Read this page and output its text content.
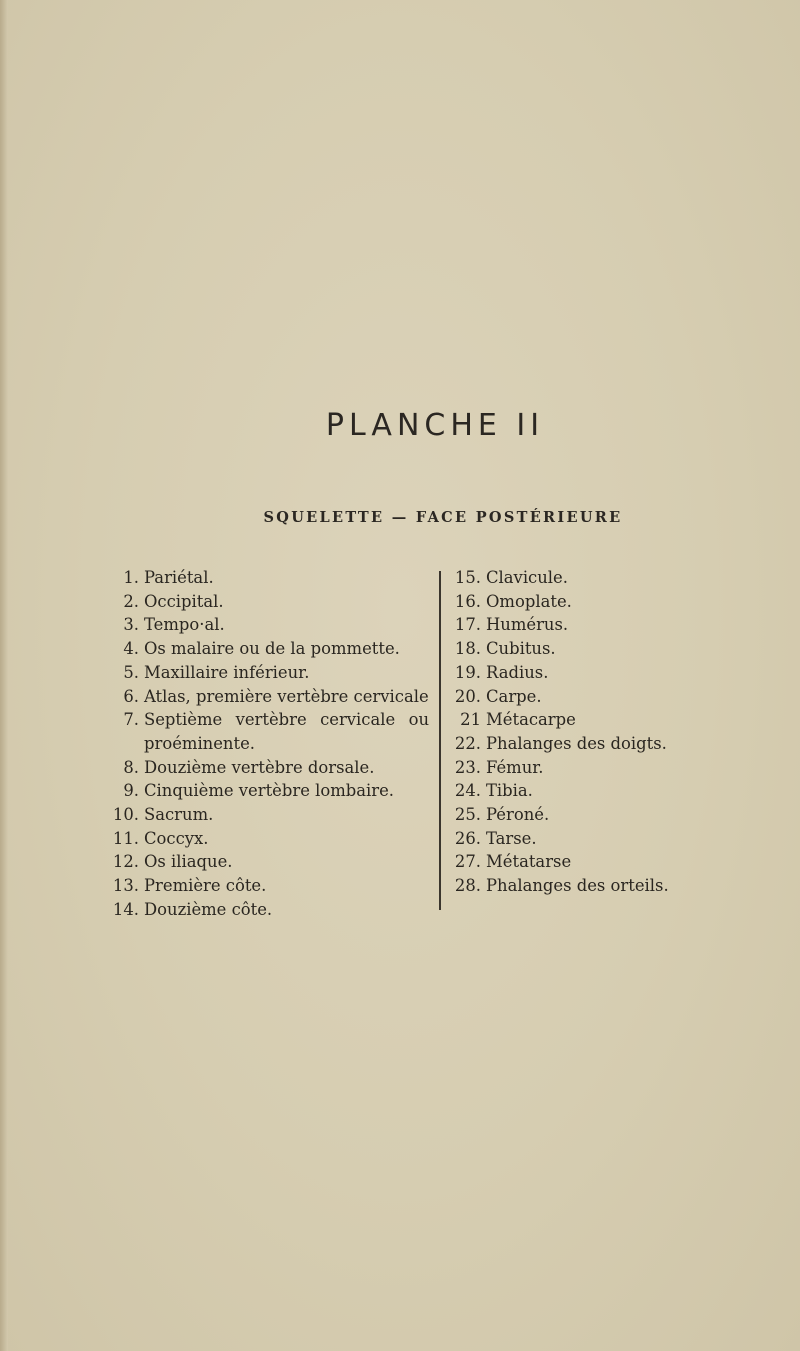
PLANCHE II
SQUELETTE — FACE POSTÉRIEURE
1. Pariétal.
2. Occipital.
3. Tempo·al.
4. Os malaire ou de la pommette.
5. Maxillaire inférieur.
6. Atlas, première vertèbre cervicale
7. Septième vertèbre cervicale ou proéminente.
8. Douzième vertèbre dorsale.
9. Cinquième vertèbre lombaire.
10. Sacrum.
11. Coccyx.
12. Os iliaque.
13. Première côte.
14. Douzième côte.
15. Clavicule.
16. Omoplate.
17. Humérus.
18. Cubitus.
19. Radius.
20. Carpe.
21 Métacarpe
22. Phalanges des doigts.
23. Fémur.
24. Tibia.
25. Péroné.
26. Tarse.
27. Métatarse
28. Phalanges des orteils.
